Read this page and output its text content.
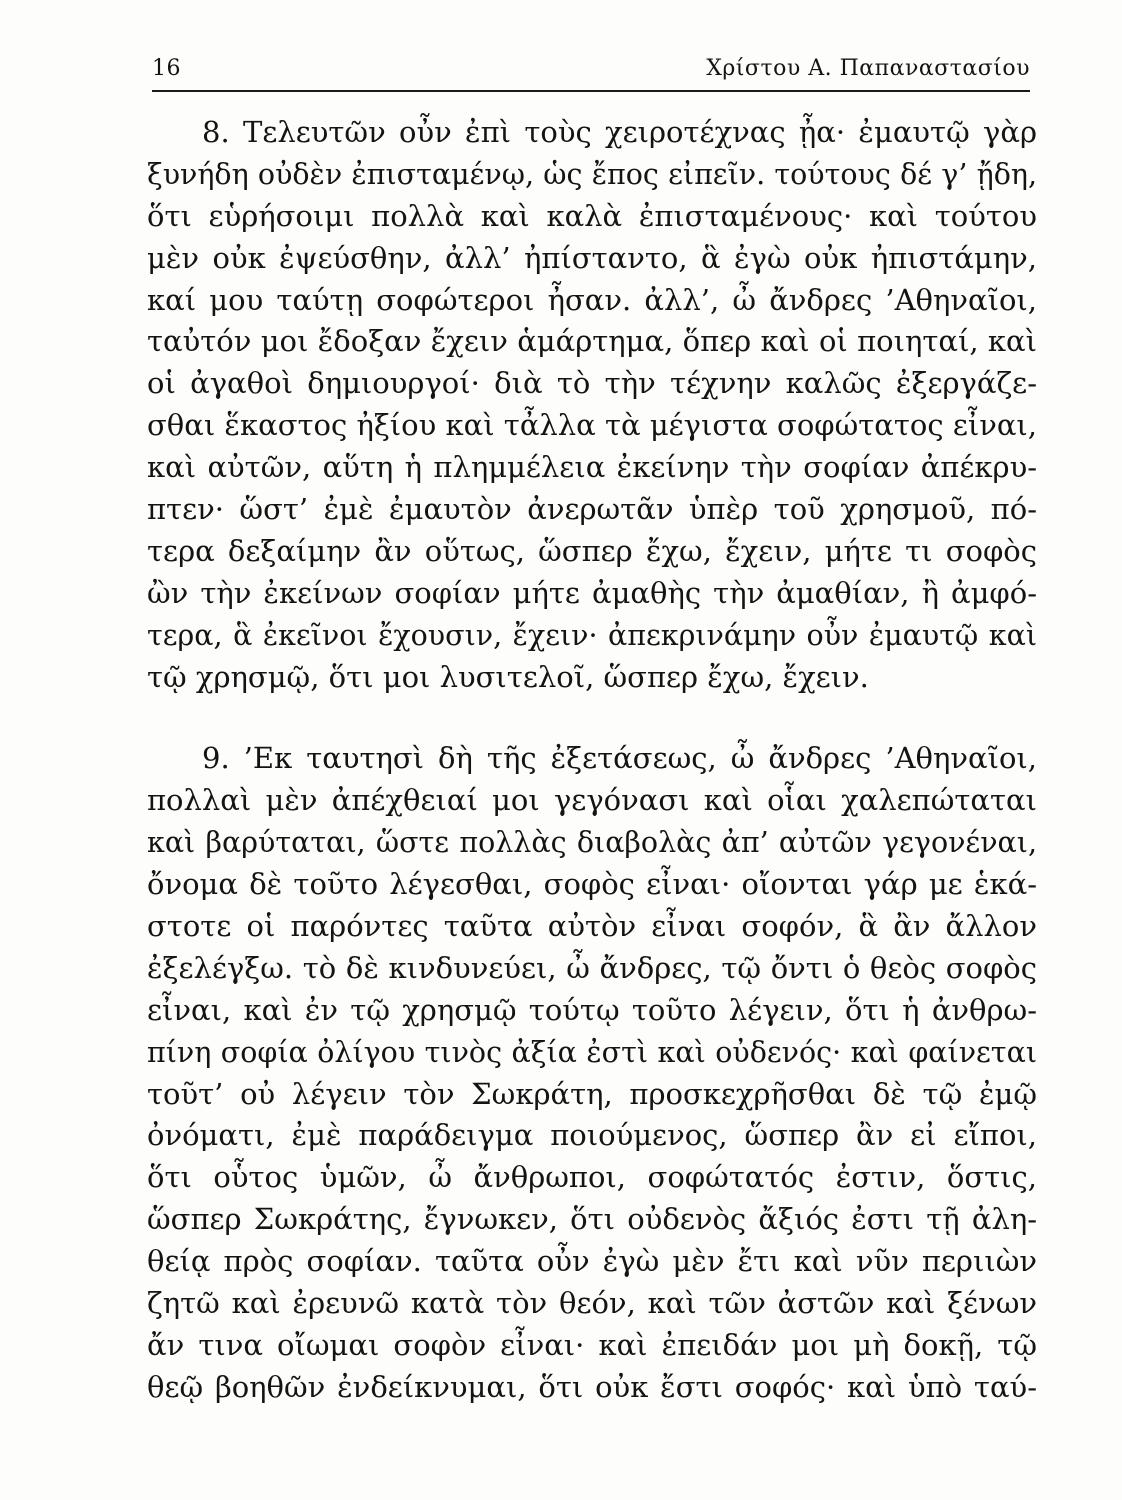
16	Χρίστου Α. Παπαναστασίου
8. Τελευτῶν οὖν ἐπὶ τοὺς χειροτέχνας ᾖα· ἐμαυτῷ γὰρ
ξυνήδη οὐδὲν ἐπισταμένῳ, ὡς ἔπος εἰπεῖν. τούτους δέ γ’ ᾔδη,
ὅτι εὑρήσοιμι πολλὰ καὶ καλὰ ἐπισταμένους· καὶ τούτου
μὲν οὐκ ἐψεύσθην, ἀλλ’ ἠπίσταντο, ἃ ἐγὼ οὐκ ἠπιστάμην,
καί μου ταύτῃ σοφώτεροι ἦσαν. ἀλλ’, ὦ ἄνδρες ’Αθηναῖοι,
ταὐτόν μοι ἔδοξαν ἔχειν ἁμάρτημα, ὅπερ καὶ οἱ ποιηταί, καὶ
οἱ ἀγαθοὶ δημιουργοί· διὰ τὸ τὴν τέχνην καλῶς ἐξεργάζε-
σθαι ἕκαστος ἠξίου καὶ τἆλλα τὰ μέγιστα σοφώτατος εἶναι,
καὶ αὐτῶν, αὕτη ἡ πλημμέλεια ἐκείνην τὴν σοφίαν ἀπέκρυ-
πτεν· ὥστ’ ἐμὲ ἐμαυτὸν ἀνερωτᾶν ὑπὲρ τοῦ χρησμοῦ, πό-
τερα δεξαίμην ἂν οὕτως, ὥσπερ ἔχω, ἔχειν, μήτε τι σοφὸς
ὢν τὴν ἐκείνων σοφίαν μήτε ἀμαθὴς τὴν ἀμαθίαν, ἢ ἀμφό-
τερα, ἃ ἐκεῖνοι ἔχουσιν, ἔχειν· ἀπεκρινάμην οὖν ἐμαυτῷ καὶ
τῷ χρησμῷ, ὅτι μοι λυσιτελοῖ, ὥσπερ ἔχω, ἔχειν.
9. ’Εκ ταυτησὶ δὴ τῆς ἐξετάσεως, ὦ ἄνδρες ’Αθηναῖοι,
πολλαὶ μὲν ἀπέχθειαί μοι γεγόνασι καὶ οἷαι χαλεπώταται
καὶ βαρύταται, ὥστε πολλὰς διαβολὰς ἀπ’ αὐτῶν γεγονέναι,
ὄνομα δὲ τοῦτο λέγεσθαι, σοφὸς εἶναι· οἴονται γάρ με ἑκά-
στοτε οἱ παρόντες ταῦτα αὐτὸν εἶναι σοφόν, ἃ ἂν ἄλλον
ἐξελέγξω. τὸ δὲ κινδυνεύει, ὦ ἄνδρες, τῷ ὄντι ὁ θεὸς σοφὸς
εἶναι, καὶ ἐν τῷ χρησμῷ τούτῳ τοῦτο λέγειν, ὅτι ἡ ἀνθρω-
πίνη σοφία ὀλίγου τινὸς ἀξία ἐστὶ καὶ οὐδενός· καὶ φαίνεται
τοῦτ’ οὐ λέγειν τὸν Σωκράτη, προσκεχρῆσθαι δὲ τῷ ἐμῷ
ὀνόματι, ἐμὲ παράδειγμα ποιούμενος, ὥσπερ ἂν εἰ εἴποι,
ὅτι οὗτος ὑμῶν, ὦ ἄνθρωποι, σοφώτατός ἐστιν, ὅστις,
ὥσπερ Σωκράτης, ἔγνωκεν, ὅτι οὐδενὸς ἄξιός ἐστι τῇ ἀλη-
θείᾳ πρὸς σοφίαν. ταῦτα οὖν ἐγὼ μὲν ἔτι καὶ νῦν περιιὼν
ζητῶ καὶ ἐρευνῶ κατὰ τὸν θεόν, καὶ τῶν ἀστῶν καὶ ξένων
ἄν τινα οἴωμαι σοφὸν εἶναι· καὶ ἐπειδάν μοι μὴ δοκῇ, τῷ
θεῷ βοηθῶν ἐνδείκνυμαι, ὅτι οὐκ ἔστι σοφός· καὶ ὑπὸ ταύ-
